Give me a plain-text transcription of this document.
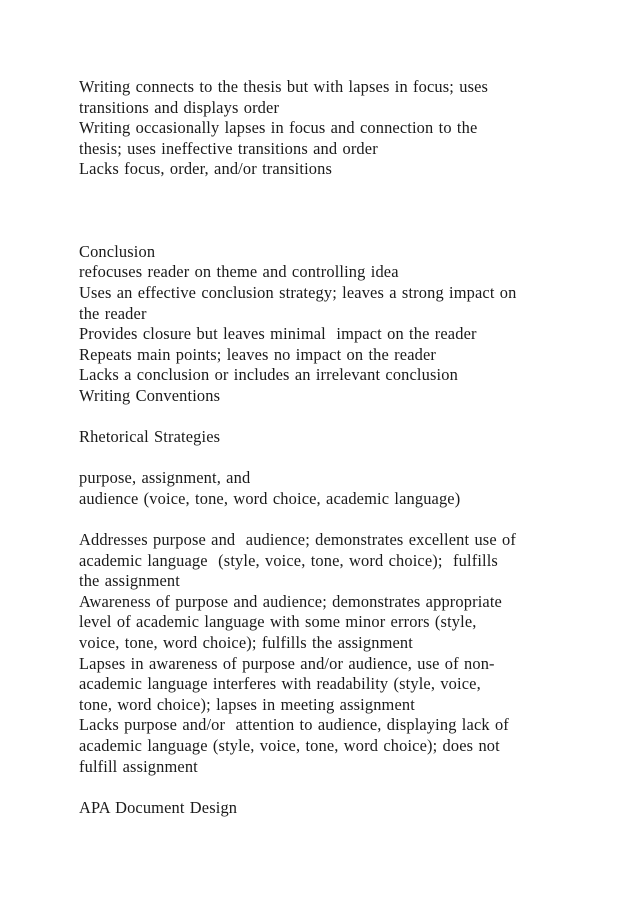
Writing connects to the thesis but with lapses in focus; uses
transitions and displays order
Writing occasionally lapses in focus and connection to the
thesis; uses ineffective transitions and order
Lacks focus, order, and/or transitions
Conclusion
refocuses reader on theme and controlling idea
Uses an effective conclusion strategy; leaves a strong impact on
the reader
Provides closure but leaves minimal  impact on the reader
Repeats main points; leaves no impact on the reader
Lacks a conclusion or includes an irrelevant conclusion
Writing Conventions
Rhetorical Strategies
purpose, assignment, and
audience (voice, tone, word choice, academic language)
Addresses purpose and  audience; demonstrates excellent use of
academic language  (style, voice, tone, word choice);  fulfills
the assignment
Awareness of purpose and audience; demonstrates appropriate
level of academic language with some minor errors (style,
voice, tone, word choice); fulfills the assignment
Lapses in awareness of purpose and/or audience, use of non-
academic language interferes with readability (style, voice,
tone, word choice); lapses in meeting assignment
Lacks purpose and/or  attention to audience, displaying lack of
academic language (style, voice, tone, word choice); does not
fulfill assignment
APA Document Design
